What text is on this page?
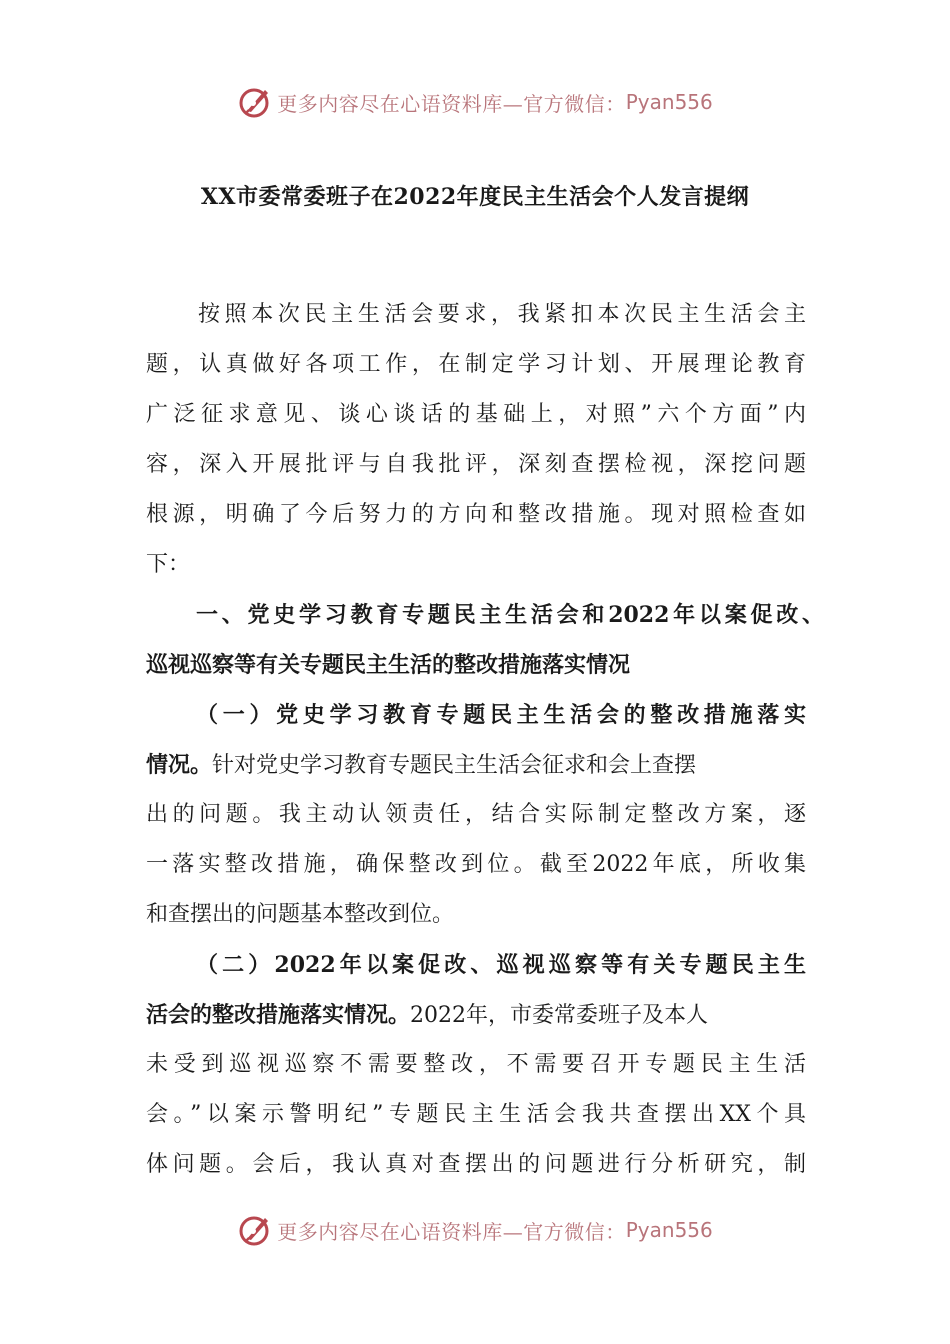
更多内容尽在心语资料库—官方微信： Pyan556
XX市委常委班子在2022年度民主生活会个人发言提纲
按照本次民主生活会要求，我紧扣本次民主生活会主
题，认真做好各项工作，在制定学习计划、开展理论教育
广泛征求意见、谈心谈话的基础上，对照”六个方面”内
容，深入开展批评与自我批评，深刻查摆检视，深挖问题
根源，明确了今后努力的方向和整改措施。现对照检查如
下：
一、党史学习教育专题民主生活会和2022年以案促改、
巡视巡察等有关专题民主生活的整改措施落实情况
（一）党史学习教育专题民主生活会的整改措施落实
情况。针对党史学习教育专题民主生活会征求和会上查摆
出的问题。我主动认领责任，结合实际制定整改方案，逐
一落实整改措施，确保整改到位。截至2022年底，所收集
和查摆出的问题基本整改到位。
（二）2022年以案促改、巡视巡察等有关专题民主生
活会的整改措施落实情况。2022年，市委常委班子及本人
未受到巡视巡察不需要整改，不需要召开专题民主生活
会。”以案示警明纪”专题民主生活会我共查摆出XX个具
体问题。会后，我认真对查摆出的问题进行分析研究，制
更多内容尽在心语资料库—官方微信： Pyan556
